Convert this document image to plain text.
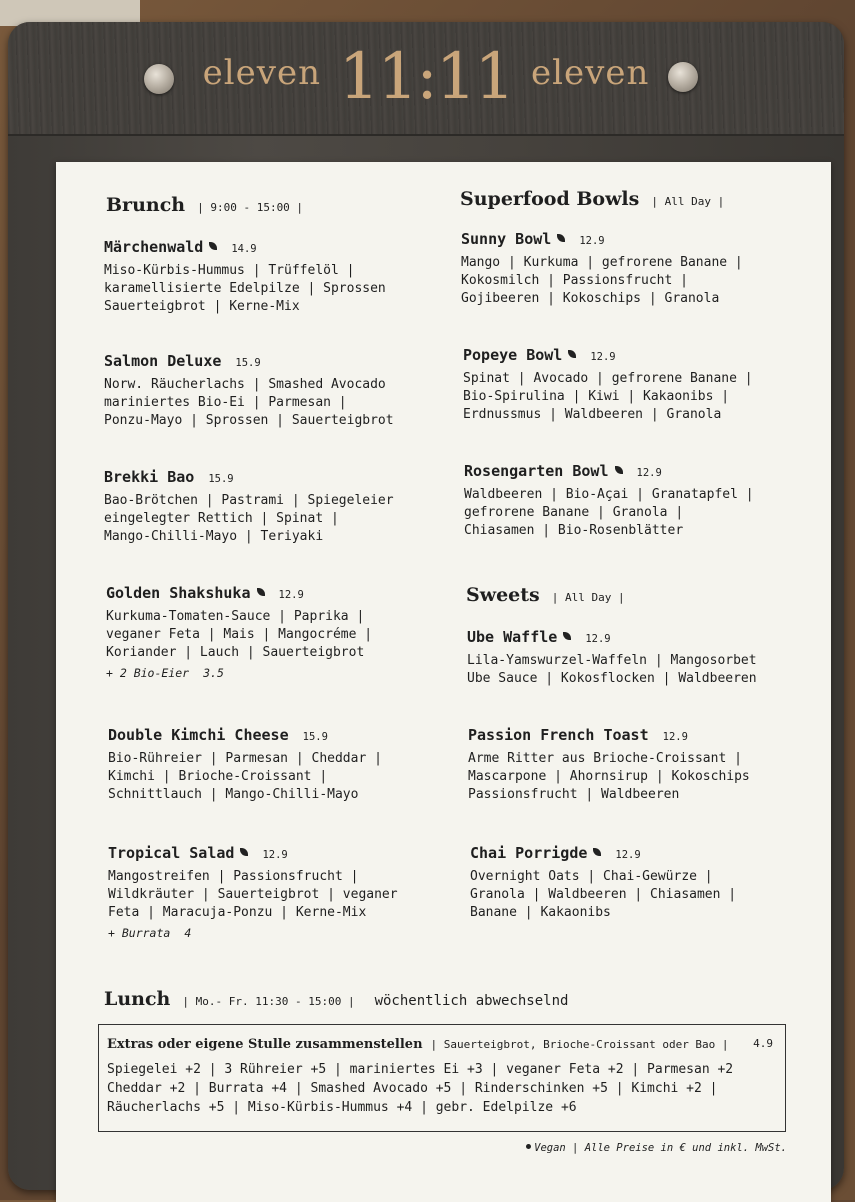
eleven 11:11 eleven
Brunch | 9:00 - 15:00 |
Märchenwald	14.9
Miso-Kürbis-Hummus | Trüffelöl |
karamellisierte Edelpilze | Sprossen
Sauerteigbrot | Kerne-Mix
Salmon Deluxe 15.9
Norw. Räucherlachs | Smashed Avocado
mariniertes Bio-Ei | Parmesan |
Ponzu-Mayo | Sprossen | Sauerteigbrot
Brekki Bao 15.9
Bao-Brötchen | Pastrami | Spiegeleier
eingelegter Rettich | Spinat |
Mango-Chilli-Mayo | Teriyaki
Golden Shakshuka	12.9
Kurkuma-Tomaten-Sauce | Paprika |
veganer Feta | Mais | Mangocréme |
Koriander | Lauch | Sauerteigbrot
+ 2 Bio-Eier 3.5
Double Kimchi Cheese 15.9
Bio-Rühreier | Parmesan | Cheddar |
Kimchi | Brioche-Croissant |
Schnittlauch | Mango-Chilli-Mayo
Tropical Salad	12.9
Mangostreifen | Passionsfrucht |
Wildkräuter | Sauerteigbrot | veganer
Feta | Maracuja-Ponzu | Kerne-Mix
+ Burrata 4
Superfood Bowls | All Day |
Sunny Bowl	12.9
Mango | Kurkuma | gefrorene Banane |
Kokosmilch | Passionsfrucht |
Gojibeeren | Kokoschips | Granola
Popeye Bowl	12.9
Spinat | Avocado | gefrorene Banane |
Bio-Spirulina | Kiwi | Kakaonibs |
Erdnussmus | Waldbeeren | Granola
Rosengarten Bowl	12.9
Waldbeeren | Bio-Açai | Granatapfel |
gefrorene Banane | Granola |
Chiasamen | Bio-Rosenblätter
Sweets | All Day |
Ube Waffle	12.9
Lila-Yamswurzel-Waffeln | Mangosorbet
Ube Sauce | Kokosflocken | Waldbeeren
Passion French Toast 12.9
Arme Ritter aus Brioche-Croissant |
Mascarpone | Ahornsirup | Kokoschips
Passionsfrucht | Waldbeeren
Chai Porrigde	12.9
Overnight Oats | Chai-Gewürze |
Granola | Waldbeeren | Chiasamen |
Banane | Kakaonibs
Lunch | Mo.- Fr. 11:30 - 15:00 | wöchentlich abwechselnd
Extras oder eigene Stulle zusammenstellen | Sauerteigbrot, Brioche-Croissant oder Bao |	4.9
Spiegelei +2 | 3 Rühreier +5 | mariniertes Ei +3 | veganer Feta +2 | Parmesan +2
Cheddar +2 | Burrata +4 | Smashed Avocado +5 | Rinderschinken +5 | Kimchi +2 |
Räucherlachs +5 | Miso-Kürbis-Hummus +4 | gebr. Edelpilze +6
Vegan | Alle Preise in € und inkl. MwSt.
